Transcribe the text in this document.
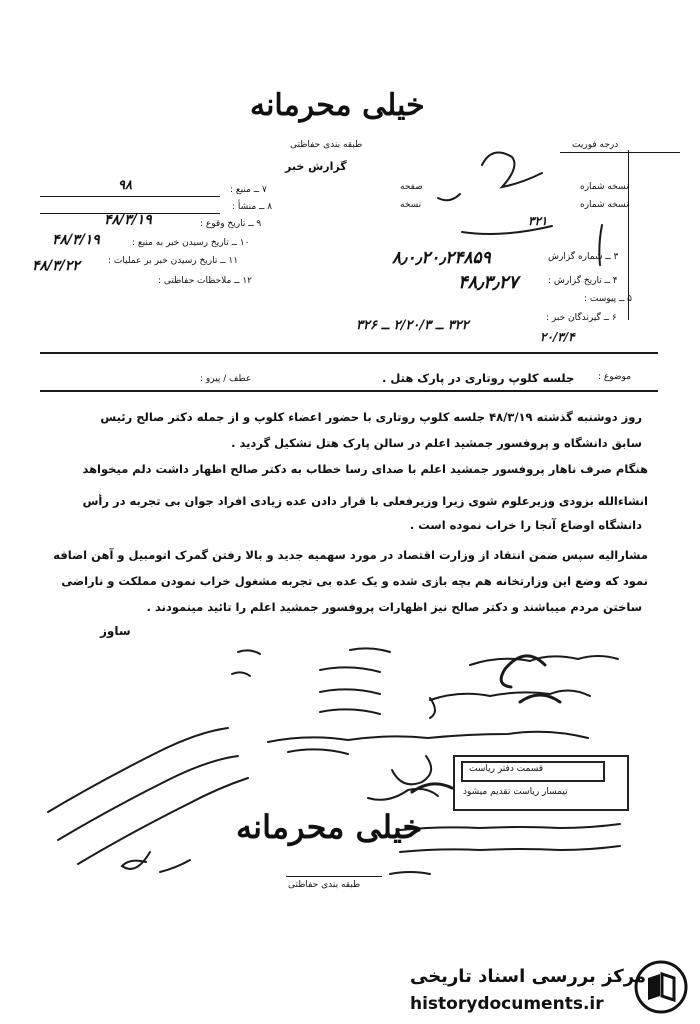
خیلی محرمانه
طبقه بندی حفاظتی
گزارش خبر
۷ ــ منبع :
۹۸
۸ ــ منشأ :
۹ ــ تاریخ وقوع :
۴۸/۳/۱۹
۱۰ ــ تاریخ رسیدن خبر به منبع :
۴۸/۳/۱۹
۱۱ ــ تاریخ رسیدن خبر بر عملیات :
۴۸/۳/۲۲
۱۲ ــ ملاحظات حفاظتی :
درجه فوریت
نسخه شماره
صفحه
نسخه شماره
نسخه
۳۲۱
۳ ــ شماره گزارش
۸٫۰٫۲۰٫۲۴۸۵۹
۴ ــ تاریخ گزارش :
۴۸٫۳٫۲۷
۵ ــ پیوست :
۶ ــ گیرندگان خبر :
۳۲۲ ــ ۲/۲۰/۳ ــ ۳۲۶
۲۰/۳/۴
موضوع :
جلسه کلوپ روتاری در پارک هتل .
عطف / پیرو :
روز دوشنبه گذشته ۴۸/۳/۱۹ جلسه کلوپ روتاری با حضور اعضاء کلوپ و از جمله دکتر صالح رئیس
سابق دانشگاه و پروفسور جمشید اعلم در سالن پارک هتل تشکیل گردید .
هنگام صرف ناهار پروفسور جمشید اعلم با صدای رسا خطاب به دکتر صالح اظهار داشت دلم میخواهد
انشاءالله بزودی وزیرعلوم شوی زیرا وزیرفعلی با قرار دادن عده زیادی افراد جوان بی تجربه در رأس
دانشگاه اوضاع آنجا را خراب نموده است .
مشارالیه سپس ضمن انتقاد از وزارت اقتصاد در مورد سهمیه جدید و بالا رفتن گمرک اتومبیل و آهن اضافه
نمود که وضع این وزارتخانه هم بچه بازی شده و یک عده بی تجربه مشغول خراب نمودن مملکت و ناراضی
ساختن مردم میباشند و دکتر صالح نیز اظهارات پروفسور جمشید اعلم را تائید مینمودند .
ساوز
قسمت دفتر ریاست
تیمسار ریاست تقدیم میشود
خیلی محرمانه
طبقه بندی حفاظتی
مرکز بررسی اسناد تاریخی
historydocuments.ir
